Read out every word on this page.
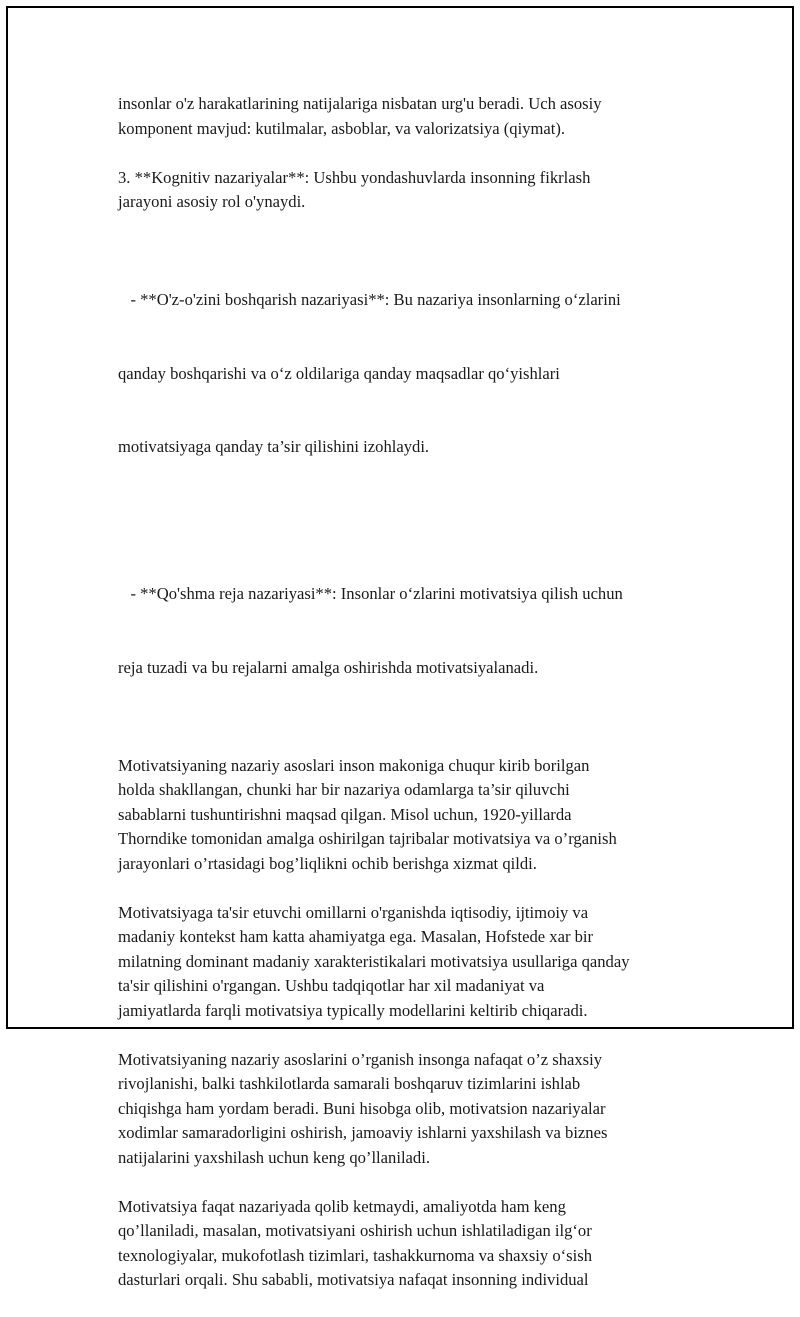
insonlar o'z harakatlarining natijalariga nisbatan urg'u beradi. Uch asosiy
komponent mavjud: kutilmalar, asboblar, va valorizatsiya (qiymat).

3. **Kognitiv nazariyalar**: Ushbu yondashuvlarda insonning fikrlash
jarayoni asosiy rol o'ynaydi.

- **O'z-o'zini boshqarish nazariyasi**: Bu nazariya insonlarning o‘zlarini

qanday boshqarishi va o‘z oldilariga qanday maqsadlar qo‘yishlari

motivatsiyaga qanday ta’sir qilishini izohlaydi.

- **Qo'shma reja nazariyasi**: Insonlar o‘zlarini motivatsiya qilish uchun

reja tuzadi va bu rejalarni amalga oshirishda motivatsiyalanadi.

Motivatsiyaning nazariy asoslari inson makoniga chuqur kirib borilgan
holda shakllangan, chunki har bir nazariya odamlarga ta’sir qiluvchi
sabablarni tushuntirishni maqsad qilgan. Misol uchun, 1920-yillarda
Thorndike tomonidan amalga oshirilgan tajribalar motivatsiya va o’rganish
jarayonlari o’rtasidagi bog’liqlikni ochib berishga xizmat qildi.

Motivatsiyaga ta'sir etuvchi omillarni o'rganishda iqtisodiy, ijtimoiy va
madaniy kontekst ham katta ahamiyatga ega. Masalan, Hofstede xar bir
milatning dominant madaniy xarakteristikalari motivatsiya usullariga qanday
ta'sir qilishini o'rgangan. Ushbu tadqiqotlar har xil madaniyat va
jamiyatlarda farqli motivatsiya typically modellarini keltirib chiqaradi.

Motivatsiyaning nazariy asoslarini o’rganish insonga nafaqat o’z shaxsiy
rivojlanishi, balki tashkilotlarda samarali boshqaruv tizimlarini ishlab
chiqishga ham yordam beradi. Buni hisobga olib, motivatsion nazariyalar
xodimlar samaradorligini oshirish, jamoaviy ishlarni yaxshilash va biznes
natijalarini yaxshilash uchun keng qo’llaniladi.

Motivatsiya faqat nazariyada qolib ketmaydi, amaliyotda ham keng
qo’llaniladi, masalan, motivatsiyani oshirish uchun ishlatiladigan ilg‘or
texnologiyalar, mukofotlash tizimlari, tashakkurnoma va shaxsiy o‘sish
dasturlari orqali. Shu sababli, motivatsiya nafaqat insonning individual
